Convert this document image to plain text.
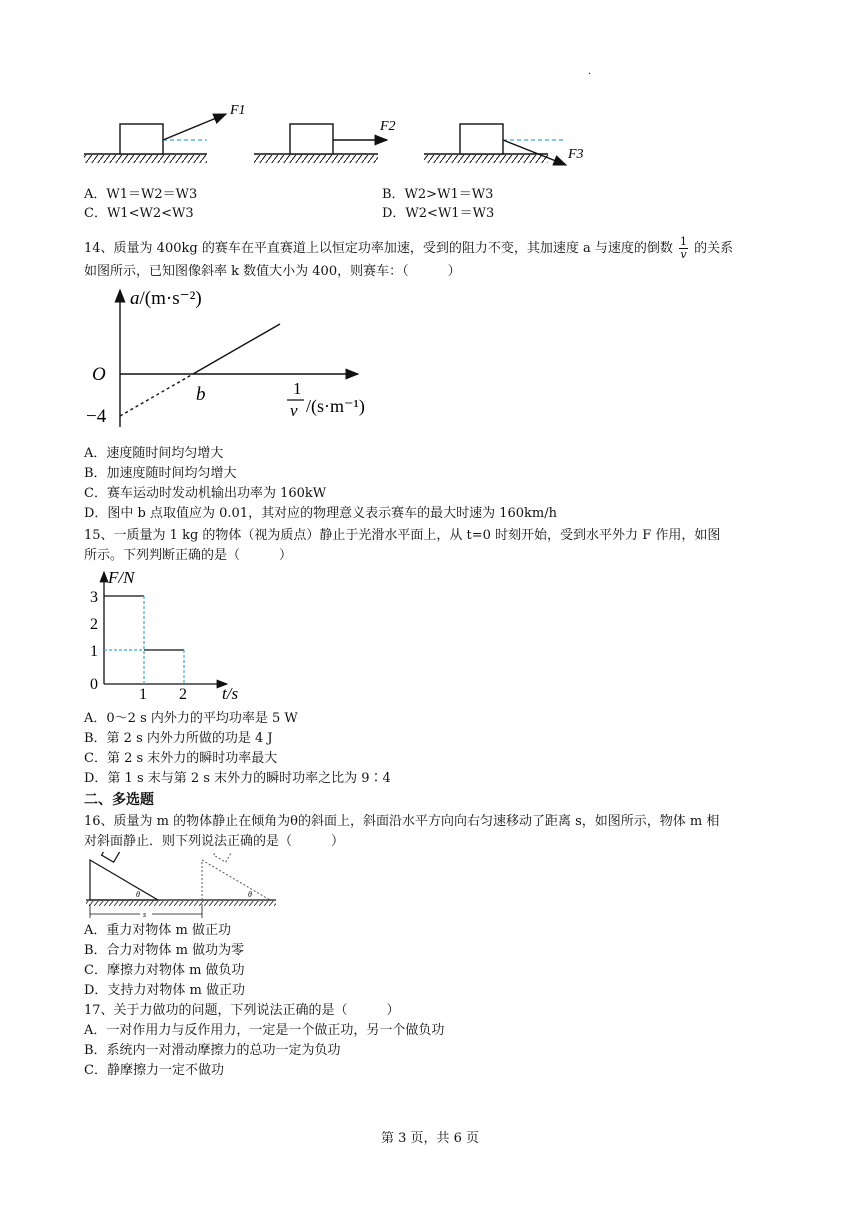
·
F1
F2
F3
A．W1＝W2＝W3	B．W2>W1＝W3
C．W1<W2<W3	D．W2<W1＝W3
14、质量为 400kg 的赛车在平直赛道上以恒定功率加速，受到的阻力不变，其加速度 a 与速度的倒数 $\frac{1}{v}$ 的关系
如图所示，已知图像斜率 k 数值大小为 400，则赛车：（　　　）
a/(m·s⁻²)
O
−4
b	1
v /(s·m⁻¹)
A．速度随时间均匀增大
B．加速度随时间均匀增大
C．赛车运动时发动机输出功率为 160kW
D．图中 b 点取值应为 0.01，其对应的物理意义表示赛车的最大时速为 160km/h
15、一质量为 1 kg 的物体（视为质点）静止于光滑水平面上，从 t=0 时刻开始，受到水平外力 F 作用，如图
所示。下列判断正确的是（　　　）
F/N
3
2
1
0
1 2 t/s
A．0～2 s 内外力的平均功率是 5 W
B．第 2 s 内外力所做的功是 4 J
C．第 2 s 末外力的瞬时功率最大
D．第 1 s 末与第 2 s 末外力的瞬时功率之比为 9∶4
二、多选题
16、质量为 m 的物体静止在倾角为θ的斜面上，斜面沿水平方向向右匀速移动了距离 s，如图所示，物体 m 相
对斜面静止．则下列说法正确的是（　　　）
θ	θ
s
A．重力对物体 m 做正功
B．合力对物体 m 做功为零
C．摩擦力对物体 m 做负功
D．支持力对物体 m 做正功
17、关于力做功的问题，下列说法正确的是（　　　）
A．一对作用力与反作用力，一定是一个做正功，另一个做负功
B．系统内一对滑动摩擦力的总功一定为负功
C．静摩擦力一定不做功
第 3 页，共 6 页
